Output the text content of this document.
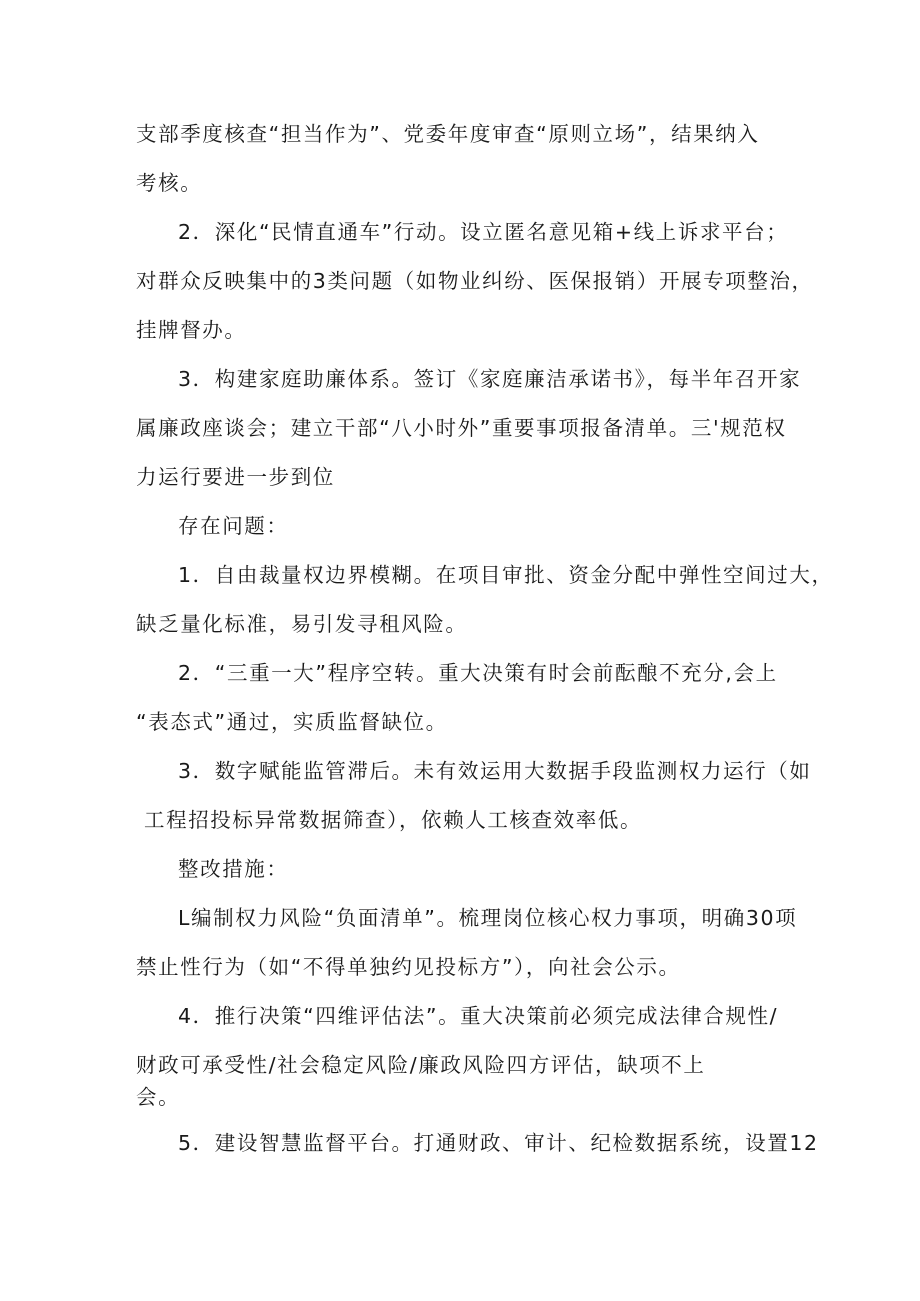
支部季度核查“担当作为”、党委年度审查“原则立场”，结果纳入
考核。
2．深化“民情直通车”行动。设立匿名意见箱+线上诉求平台；
对群众反映集中的3类问题（如物业纠纷、医保报销）开展专项整治，
挂牌督办。
3．构建家庭助廉体系。签订《家庭廉洁承诺书》，每半年召开家
属廉政座谈会；建立干部“八小时外”重要事项报备清单。三'规范权
力运行要进一步到位
存在问题：
1．自由裁量权边界模糊。在项目审批、资金分配中弹性空间过大，
缺乏量化标准，易引发寻租风险。
2．“三重一大”程序空转。重大决策有时会前酝酿不充分,会上
“表态式”通过，实质监督缺位。
3．数字赋能监管滞后。未有效运用大数据手段监测权力运行（如
工程招投标异常数据筛查），依赖人工核查效率低。
整改措施：
L编制权力风险“负面清单”。梳理岗位核心权力事项，明确30项
禁止性行为（如“不得单独约见投标方”），向社会公示。
4．推行决策“四维评估法”。重大决策前必须完成法律合规性/
财政可承受性/社会稳定风险/廉政风险四方评估，缺项不上
会。
5．建设智慧监督平台。打通财政、审计、纪检数据系统，设置12
